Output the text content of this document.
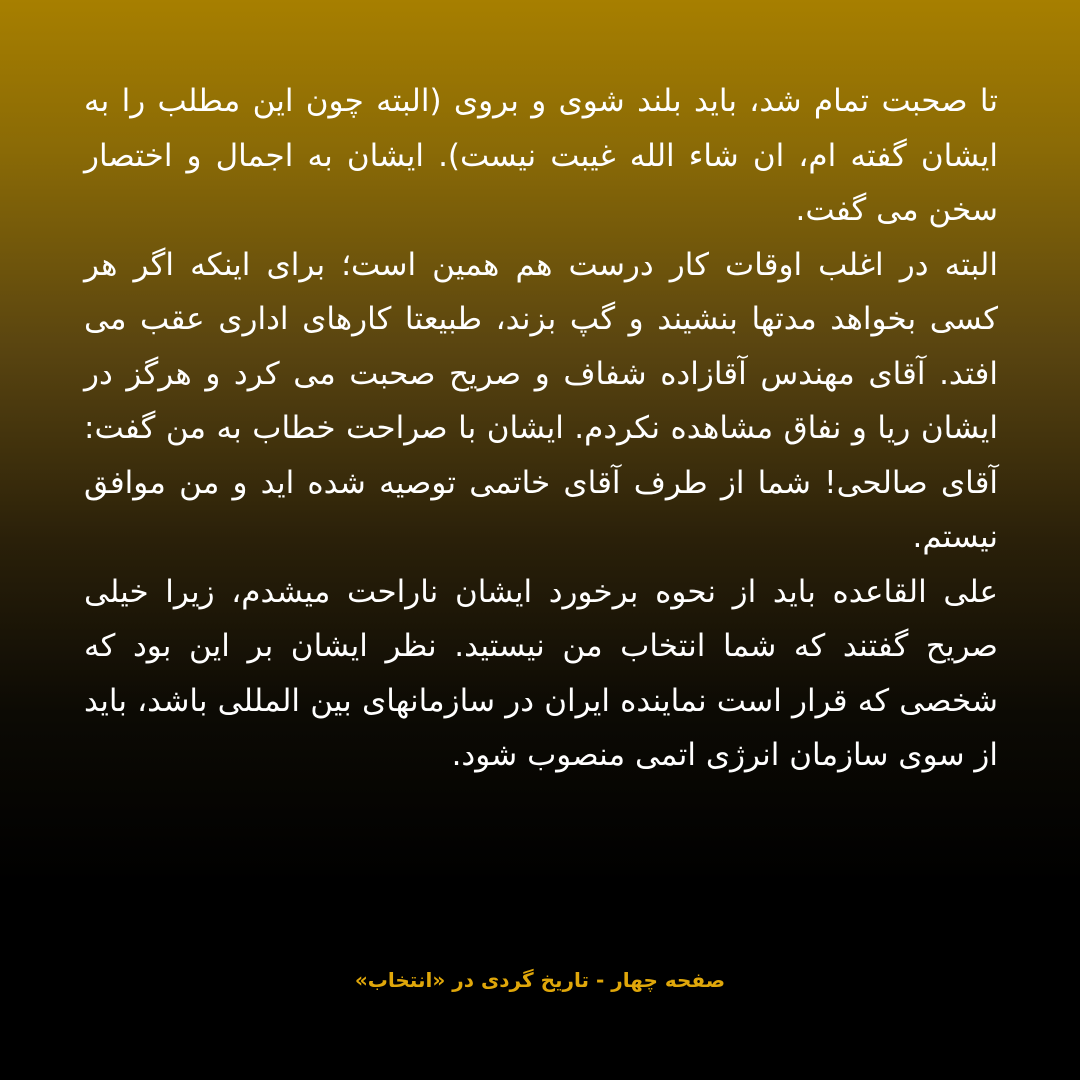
تا صحبت تمام شد، باید بلند شوی و بروی (البته چون این مطلب را به ایشان گفته ام، ان شاء الله غیبت نیست). ایشان به اجمال و اختصار سخن می گفت.

البته در اغلب اوقات کار درست هم همین است؛ برای اینکه اگر هر کسی بخواهد مدتها بنشیند و گپ بزند، طبیعتا کارهای اداری عقب می افتد. آقای مهندس آقازاده شفاف و صریح صحبت می کرد و هرگز در ایشان ریا و نفاق مشاهده نکردم. ایشان با صراحت خطاب به من گفت: آقای صالحی! شما از طرف آقای خاتمی توصیه شده اید و من موافق نیستم.

علی القاعده باید از نحوه برخورد ایشان ناراحت میشدم، زیرا خیلی صریح گفتند که شما انتخاب من نیستید. نظر ایشان بر این بود که شخصی که قرار است نماینده ایران در سازمانهای بین المللی باشد، باید از سوی سازمان انرژی اتمی منصوب شود.

صفحه چهار - تاریخ گردی در «انتخاب»
